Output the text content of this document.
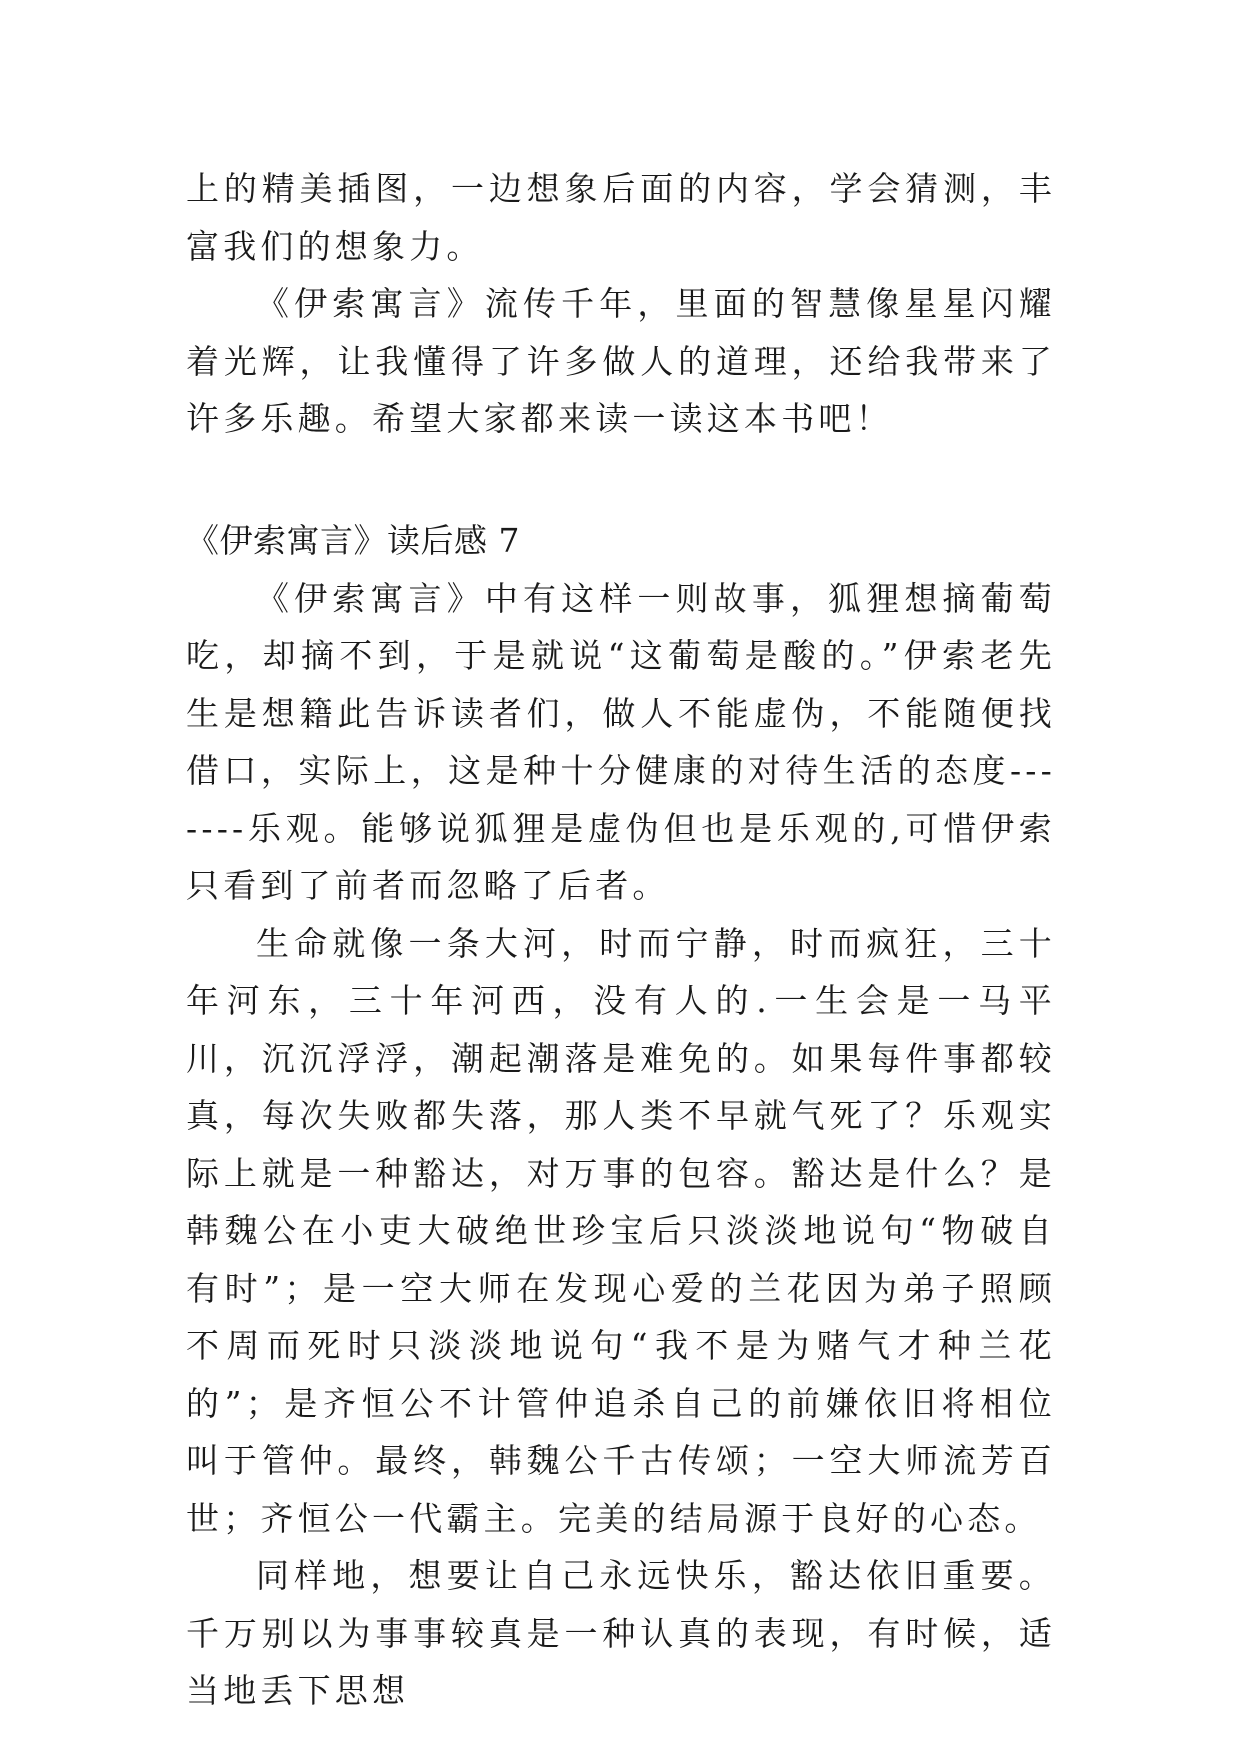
上的精美插图，一边想象后面的内容，学会猜测，丰富我们的想象力。

《伊索寓言》流传千年，里面的智慧像星星闪耀着光辉，让我懂得了许多做人的道理，还给我带来了许多乐趣。希望大家都来读一读这本书吧！

《伊索寓言》读后感 7

《伊索寓言》中有这样一则故事，狐狸想摘葡萄吃，却摘不到，于是就说“这葡萄是酸的。”伊索老先生是想籍此告诉读者们，做人不能虚伪，不能随便找借口，实际上，这是种十分健康的对待生活的态度-------乐观。能够说狐狸是虚伪但也是乐观的,可惜伊索只看到了前者而忽略了后者。

生命就像一条大河，时而宁静，时而疯狂，三十年河东，三十年河西，没有人的.一生会是一马平川，沉沉浮浮，潮起潮落是难免的。如果每件事都较真，每次失败都失落，那人类不早就气死了？乐观实际上就是一种豁达，对万事的包容。豁达是什么？是韩魏公在小吏大破绝世珍宝后只淡淡地说句“物破自有时”；是一空大师在发现心爱的兰花因为弟子照顾不周而死时只淡淡地说句“我不是为赌气才种兰花的”；是齐恒公不计管仲追杀自己的前嫌依旧将相位叫于管仲。最终，韩魏公千古传颂；一空大师流芳百世；齐恒公一代霸主。完美的结局源于良好的心态。

同样地，想要让自己永远快乐，豁达依旧重要。千万别以为事事较真是一种认真的表现，有时候，适当地丢下思想
